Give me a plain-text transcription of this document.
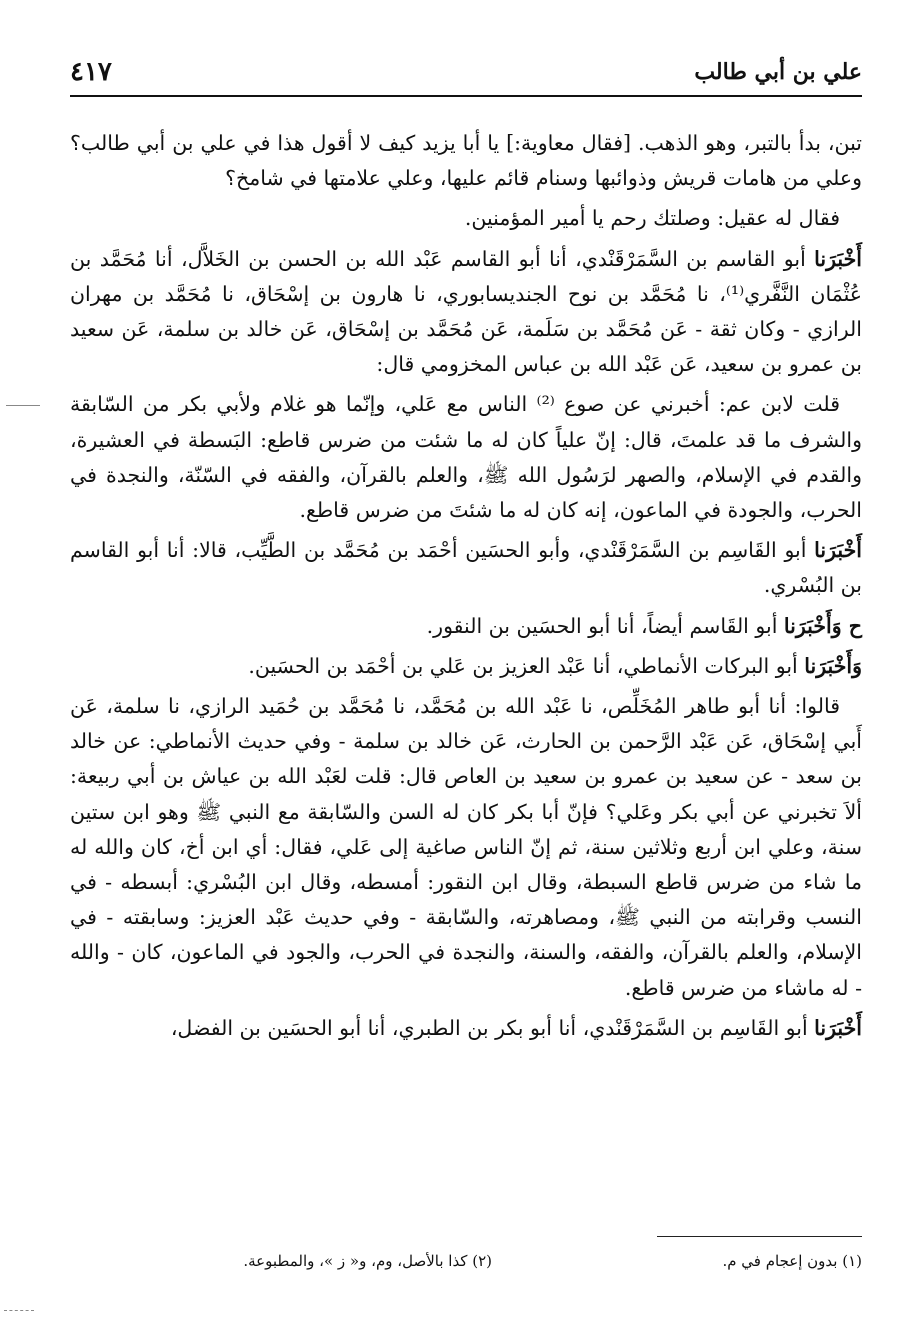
علي بن أبي طالب
٤١٧

تبن، بدأ بالتبر، وهو الذهب. [فقال معاوية:] يا أبا يزيد كيف لا أقول هذا في علي بن أبي طالب؟ وعلي من هامات قريش وذوائبها وسنام قائم عليها، وعلي علامتها في شامخ؟

فقال له عقيل: وصلتك رحم يا أمير المؤمنين.

أَخْبَرَنا أبو القاسم بن السَّمَرْقَنْدي، أنا أبو القاسم عَبْد الله بن الحسن بن الخَلاَّل، أنا مُحَمَّد بن عُثْمَان النَّفَّري⁽¹⁾، نا مُحَمَّد بن نوح الجنديسابوري، نا هارون بن إسْحَاق، نا مُحَمَّد بن مهران الرازي - وكان ثقة - عَن مُحَمَّد بن سَلَمة، عَن مُحَمَّد بن إسْحَاق، عَن خالد بن سلمة، عَن سعيد بن عمرو بن سعيد، عَن عَبْد الله بن عباس المخزومي قال:

قلت لابن عم: أخبرني عن صوع ⁽²⁾ الناس مع عَلي، وإنّما هو غلام ولأبي بكر من السّابقة والشرف ما قد علمتَ، قال: إنّ علياً كان له ما شئت من ضرس قاطع: البَسطة في العشيرة، والقدم في الإسلام، والصهر لرَسُول الله ﷺ، والعلم بالقرآن، والفقه في السّنّة، والنجدة في الحرب، والجودة في الماعون، إنه كان له ما شئتَ من ضرس قاطع.

أَخْبَرَنا أبو القَاسِم بن السَّمَرْقَنْدي، وأبو الحسَين أحْمَد بن مُحَمَّد بن الطَّيِّب، قالا: أنا أبو القاسم بن البُسْري.

ح وَأَخْبَرَنا أبو القَاسم أيضاً، أنا أبو الحسَين بن النقور.

وَأَخْبَرَنا أبو البركات الأنماطي، أنا عَبْد العزيز بن عَلي بن أحْمَد بن الحسَين.

قالوا: أنا أبو طاهر المُخَلِّص، نا عَبْد الله بن مُحَمَّد، نا مُحَمَّد بن حُمَيد الرازي، نا سلمة، عَن أَبي إسْحَاق، عَن عَبْد الرَّحمن بن الحارث، عَن خالد بن سلمة - وفي حديث الأنماطي: عن خالد بن سعد - عن سعيد بن عمرو بن سعيد بن العاص قال: قلت لعَبْد الله بن عياش بن أبي ربيعة: ألاَ تخبرني عن أبي بكر وعَلي؟ فإنّ أبا بكر كان له السن والسّابقة مع النبي ﷺ وهو ابن ستين سنة، وعلي ابن أربع وثلاثين سنة، ثم إنّ الناس صاغية إلى عَلي، فقال: أي ابن أخ، كان والله له ما شاء من ضرس قاطع السبطة، وقال ابن النقور: أمسطه، وقال ابن البُسْري: أبسطه - في النسب وقرابته من النبي ﷺ، ومصاهرته، والسّابقة - وفي حديث عَبْد العزيز: وسابقته - في الإسلام، والعلم بالقرآن، والفقه، والسنة، والنجدة في الحرب، والجود في الماعون، كان - والله - له ماشاء من ضرس قاطع.

أَخْبَرَنا أبو القَاسِم بن السَّمَرْقَنْدي، أنا أبو بكر بن الطبري، أنا أبو الحسَين بن الفضل،

(١) بدون إعجام في م.
(٢) كذا بالأصل، وم، و« ز »، والمطبوعة.
